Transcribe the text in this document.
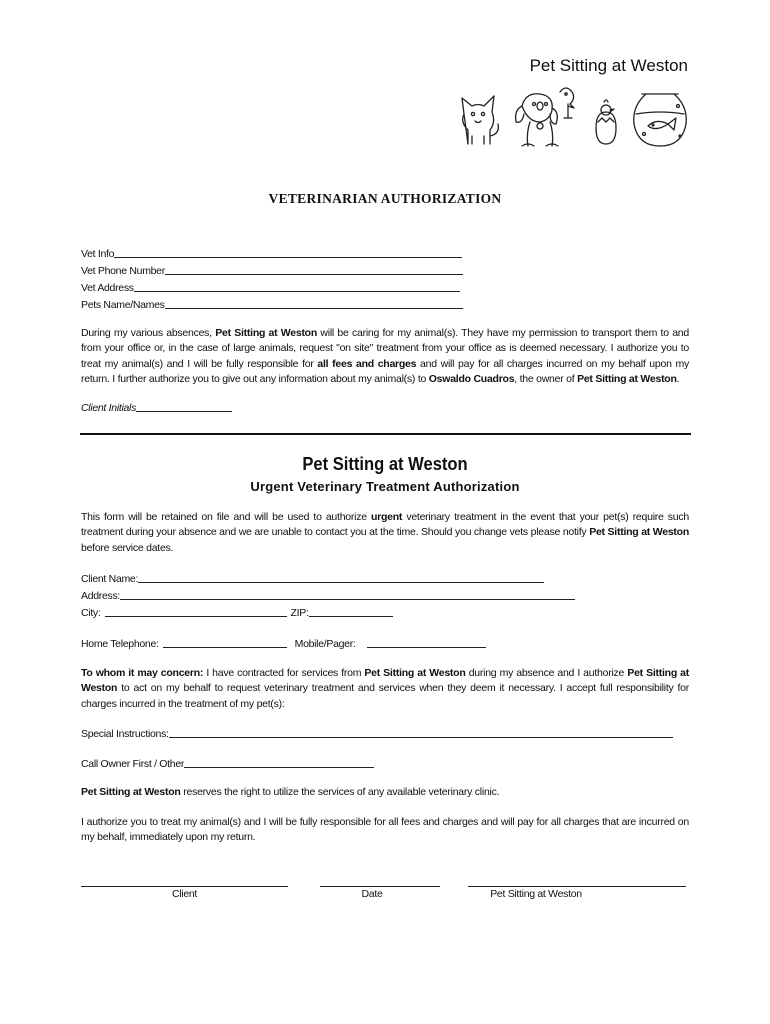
Pet Sitting at Weston
VETERINARIAN AUTHORIZATION
Vet Info
Vet Phone Number
Vet Address
Pets Name/Names
During my various absences, Pet Sitting at Weston will be caring for my animal(s). They have my permission to transport them to and from your office or, in the case of large animals, request "on site" treatment from your office as is deemed necessary. I authorize you to treat my animal(s) and I will be fully responsible for all fees and charges and will pay for all charges incurred on my behalf upon my return. I further authorize you to give out any information about my animal(s) to Oswaldo Cuadros, the owner of Pet Sitting at Weston.
Client Initials
Pet Sitting at Weston
Urgent Veterinary Treatment Authorization
This form will be retained on file and will be used to authorize urgent veterinary treatment in the event that your pet(s) require such treatment during your absence and we are unable to contact you at the time. Should you change vets please notify Pet Sitting at Weston before service dates.
Client Name:
Address:
City:	ZIP:
Home Telephone:	Mobile/Pager:
To whom it may concern: I have contracted for services from Pet Sitting at Weston during my absence and I authorize Pet Sitting at Weston to act on my behalf to request veterinary treatment and services when they deem it necessary. I accept full responsibility for charges incurred in the treatment of my pet(s):
Special Instructions:
Call Owner First / Other
Pet Sitting at Weston reserves the right to utilize the services of any available veterinary clinic.
I authorize you to treat my animal(s) and I will be fully responsible for all fees and charges and will pay for all charges that are incurred on my behalf, immediately upon my return.
Client	Date	Pet Sitting at Weston
